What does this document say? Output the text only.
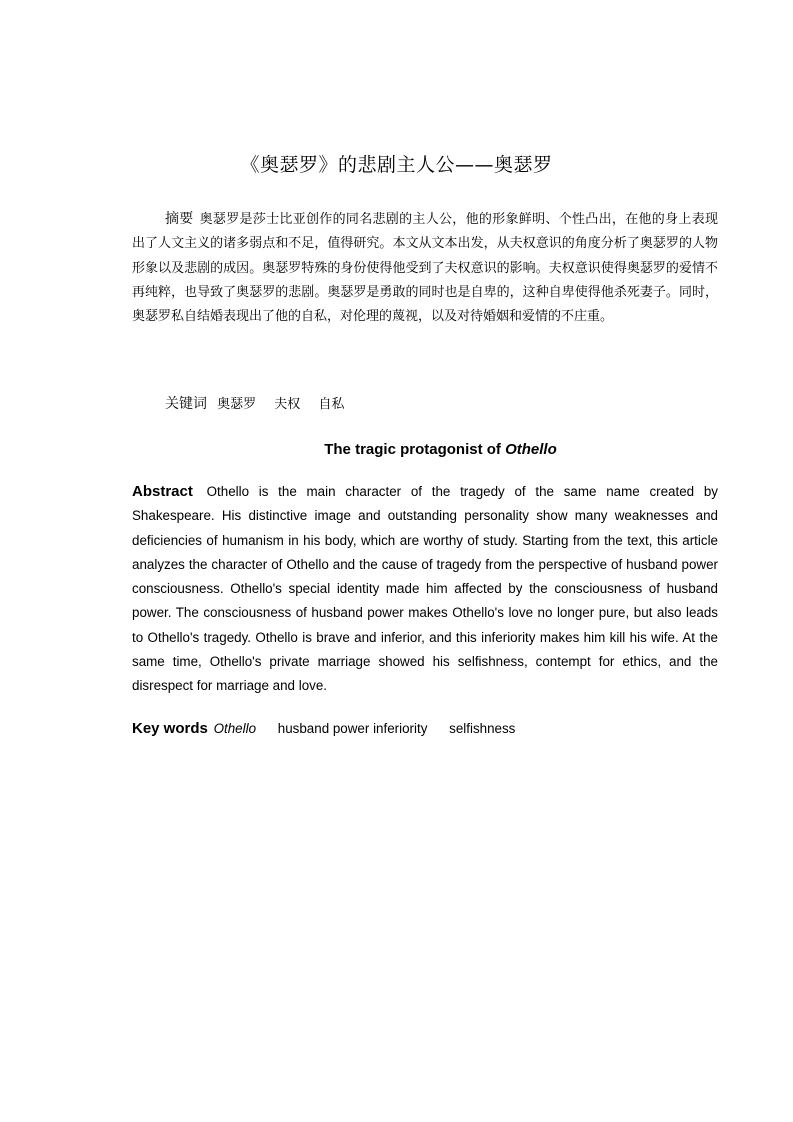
《奥瑟罗》的悲剧主人公——奥瑟罗

摘要 奥瑟罗是莎士比亚创作的同名悲剧的主人公，他的形象鲜明、个性凸出，在他的身上表现出了人文主义的诸多弱点和不足，值得研究。本文从文本出发，从夫权意识的角度分析了奥瑟罗的人物形象以及悲剧的成因。奥瑟罗特殊的身份使得他受到了夫权意识的影响。夫权意识使得奥瑟罗的爱情不再纯粹，也导致了奥瑟罗的悲剧。奥瑟罗是勇敢的同时也是自卑的，这种自卑使得他杀死妻子。同时，奥瑟罗私自结婚表现出了他的自私，对伦理的蔑视，以及对待婚姻和爱情的不庄重。

关键词 奥瑟罗 夫权 自私

The tragic protagonist of Othello

Abstract Othello is the main character of the tragedy of the same name created by Shakespeare. His distinctive image and outstanding personality show many weaknesses and deficiencies of humanism in his body, which are worthy of study. Starting from the text, this article analyzes the character of Othello and the cause of tragedy from the perspective of husband power consciousness. Othello's special identity made him affected by the consciousness of husband power. The consciousness of husband power makes Othello's love no longer pure, but also leads to Othello's tragedy. Othello is brave and inferior, and this inferiority makes him kill his wife. At the same time, Othello's private marriage showed his selfishness, contempt for ethics, and the disrespect for marriage and love.

Key words Othello husband power inferiority selfishness
